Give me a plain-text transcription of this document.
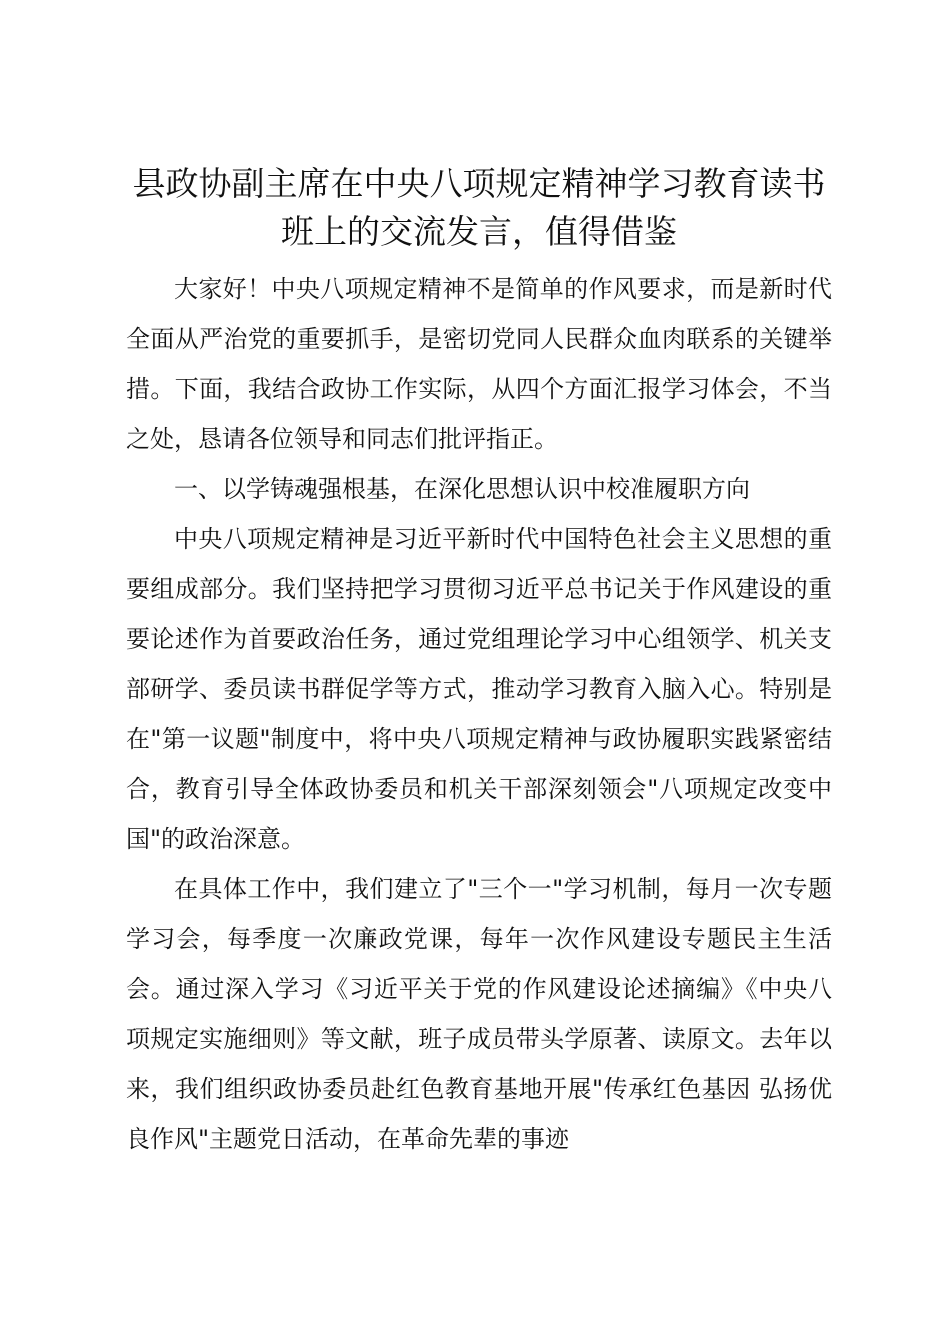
县政协副主席在中央八项规定精神学习教育读书班上的交流发言，值得借鉴

大家好！中央八项规定精神不是简单的作风要求，而是新时代全面从严治党的重要抓手，是密切党同人民群众血肉联系的关键举措。下面，我结合政协工作实际，从四个方面汇报学习体会，不当之处，恳请各位领导和同志们批评指正。

一、以学铸魂强根基，在深化思想认识中校准履职方向

中央八项规定精神是习近平新时代中国特色社会主义思想的重要组成部分。我们坚持把学习贯彻习近平总书记关于作风建设的重要论述作为首要政治任务，通过党组理论学习中心组领学、机关支部研学、委员读书群促学等方式，推动学习教育入脑入心。特别是在"第一议题"制度中，将中央八项规定精神与政协履职实践紧密结合，教育引导全体政协委员和机关干部深刻领会"八项规定改变中国"的政治深意。

在具体工作中，我们建立了"三个一"学习机制，每月一次专题学习会，每季度一次廉政党课，每年一次作风建设专题民主生活会。通过深入学习《习近平关于党的作风建设论述摘编》《中央八项规定实施细则》等文献，班子成员带头学原著、读原文。去年以来，我们组织政协委员赴红色教育基地开展"传承红色基因 弘扬优良作风"主题党日活动，在革命先辈的事迹
